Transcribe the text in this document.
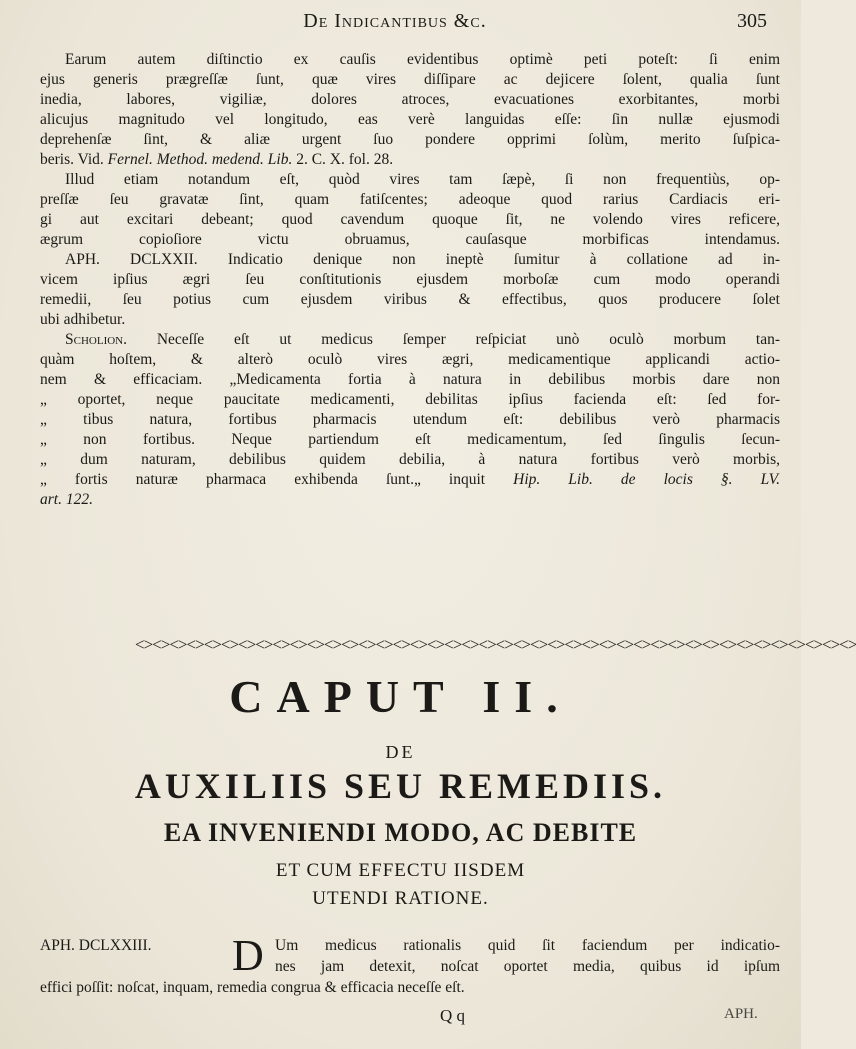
De Indicantibus &c.	305

Earum autem diſtinctio ex cauſis evidentibus optimè peti poteſt: ſi enim
ejus generis prægreſſæ ſunt, quæ vires diſſipare ac dejicere ſolent, qualia ſunt
inedia, labores, vigiliæ, dolores atroces, evacuationes exorbitantes, morbi
alicujus magnitudo vel longitudo, eas verè languidas eſſe: ſin nullæ ejusmodi
deprehenſæ ſint, & aliæ urgent ſuo pondere opprimi ſolùm, merito ſuſpica-
beris. Vid. Fernel. Method. medend. Lib. 2. C. X. fol. 28.

Illud etiam notandum eſt, quòd vires tam ſæpè, ſi non frequentiùs, op-
preſſæ ſeu gravatæ ſint, quam fatiſcentes; adeoque quod rarius Cardiacis eri-
gi aut excitari debeant; quod cavendum quoque ſit, ne volendo vires reficere,
ægrum copioſiore victu obruamus, cauſasque morbificas intendamus.

APH. DCLXXII. Indicatio denique non ineptè ſumitur à collatione ad in-
vicem ipſius ægri ſeu conſtitutionis ejusdem morboſæ cum modo operandi
remedii, ſeu potius cum ejusdem viribus & effectibus, quos producere ſolet
ubi adhibetur.

Scholion. Neceſſe eſt ut medicus ſemper reſpiciat unò oculò morbum tan-
quàm hoſtem, & alterò oculò vires ægri, medicamentique applicandi actio-
nem & efficaciam. „Medicamenta fortia à natura in debilibus morbis dare non
„ oportet, neque paucitate medicamenti, debilitas ipſius facienda eſt: ſed for-
„ tibus natura, fortibus pharmacis utendum eſt: debilibus verò pharmacis
„ non fortibus. Neque partiendum eſt medicamentum, ſed ſingulis ſecun-
„ dum naturam, debilibus quidem debilia, à natura fortibus verò morbis,
„ fortis naturæ pharmaca exhibenda ſunt.„ inquit Hip. Lib. de locis §. LV.
art. 122.

<><><><><><><><><><><><><><><><><><><><><><><><><><><><><><><><><><><><><><><><><><>
CAPUT II.
DE
AUXILIIS SEU REMEDIIS.
EA INVENIENDI MODO, AC DEBITE
ET CUM EFFECTU IISDEM
UTENDI RATIONE.
APH. DCLXXIII. D Um medicus rationalis quid ſit faciendum per indicatio-
nes jam detexit, noſcat oportet media, quibus id ipſum
effici poſſit: noſcat, inquam, remedia congrua & efficacia neceſſe eſt.
Q q	APH.
